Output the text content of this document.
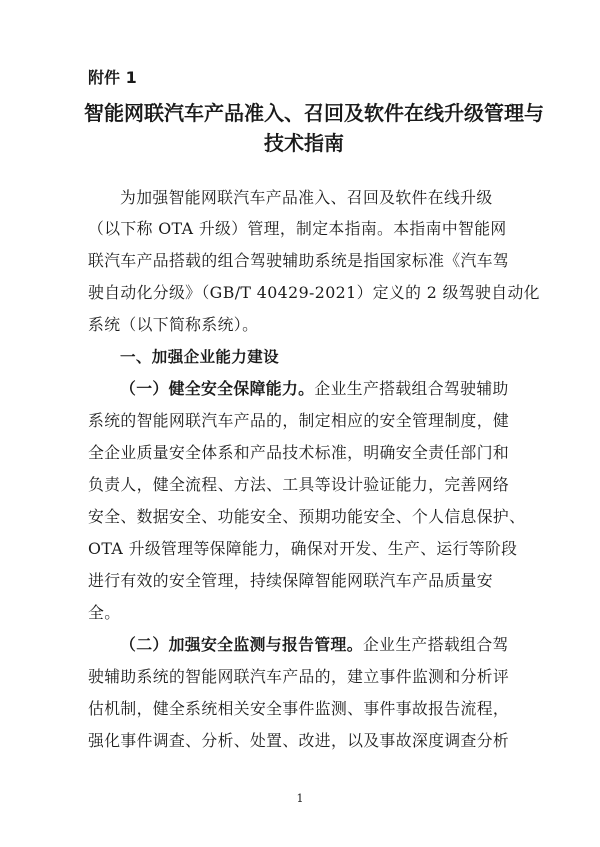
附件 1
智能网联汽车产品准入、召回及软件在线升级管理与
技术指南
为加强智能网联汽车产品准入、召回及软件在线升级
（以下称 OTA 升级）管理，制定本指南。本指南中智能网
联汽车产品搭载的组合驾驶辅助系统是指国家标准《汽车驾
驶自动化分级》（GB/T 40429-2021）定义的 2 级驾驶自动化
系统（以下简称系统）。
一、加强企业能力建设
（一）健全安全保障能力。企业生产搭载组合驾驶辅助
系统的智能网联汽车产品的，制定相应的安全管理制度，健
全企业质量安全体系和产品技术标准，明确安全责任部门和
负责人，健全流程、方法、工具等设计验证能力，完善网络
安全、数据安全、功能安全、预期功能安全、个人信息保护、
OTA 升级管理等保障能力，确保对开发、生产、运行等阶段
进行有效的安全管理，持续保障智能网联汽车产品质量安
全。
（二）加强安全监测与报告管理。企业生产搭载组合驾
驶辅助系统的智能网联汽车产品的，建立事件监测和分析评
估机制，健全系统相关安全事件监测、事件事故报告流程，
强化事件调查、分析、处置、改进，以及事故深度调查分析
1
